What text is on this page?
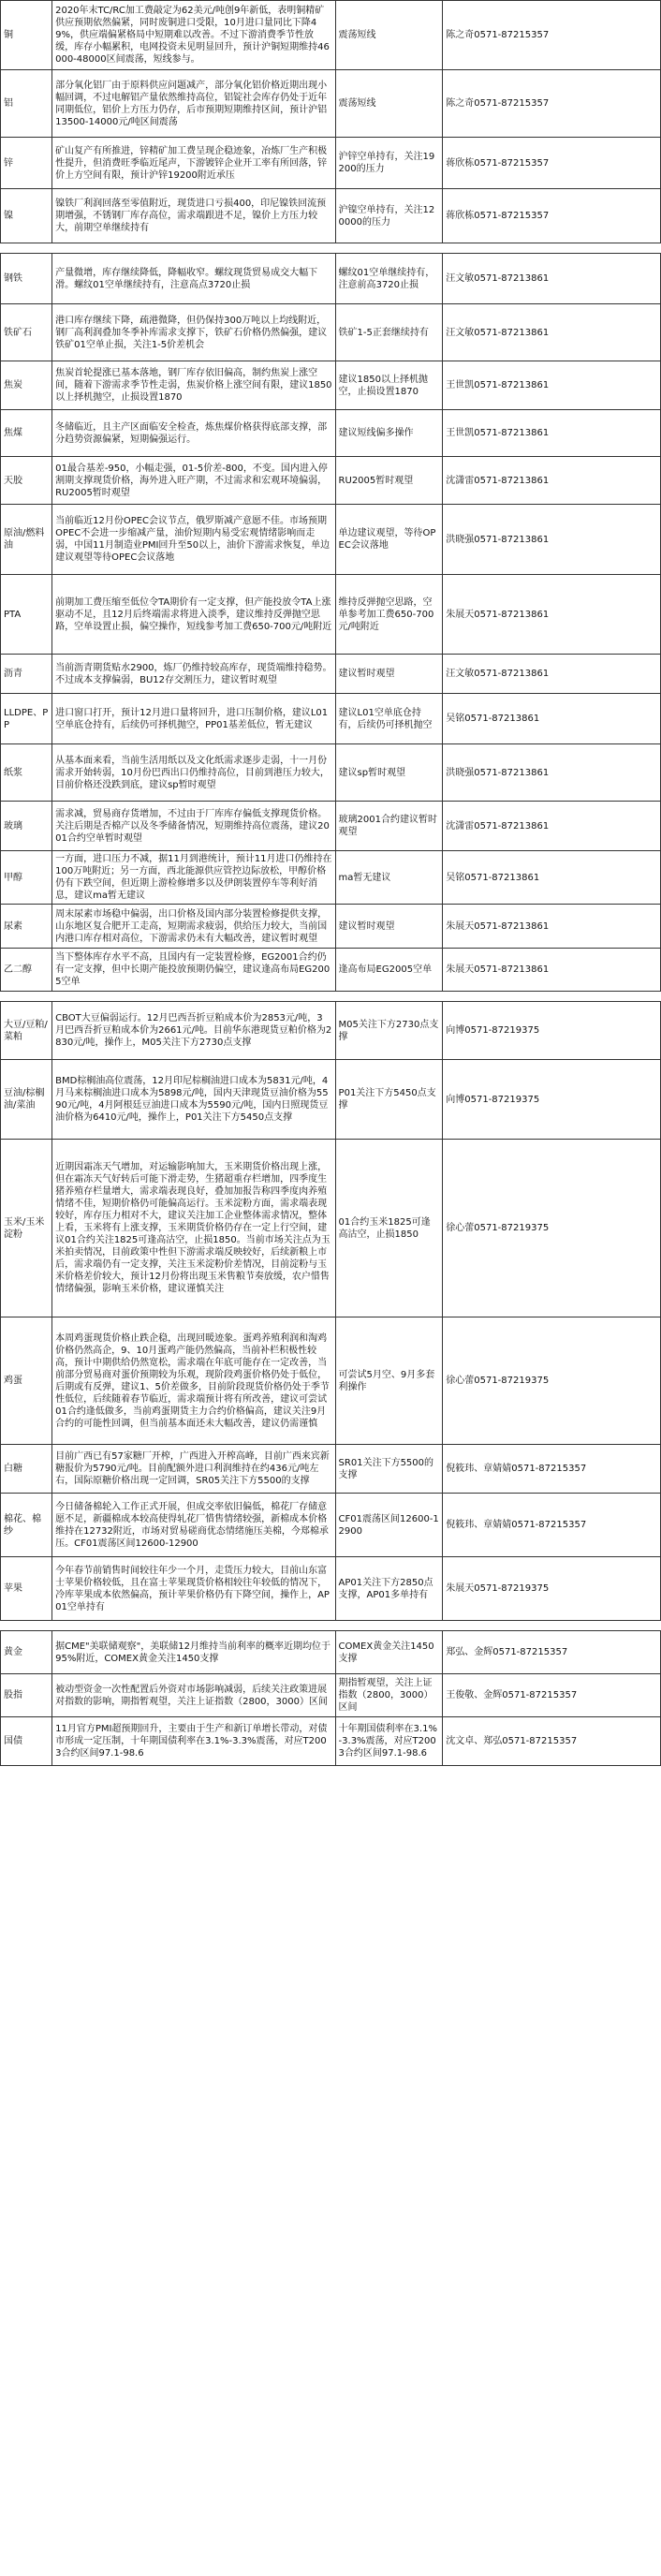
铜	2020年末TC/RC加工费敲定为62美元/吨创9年新低，表明铜精矿供应预期依然偏紧，同时废铜进口受限，10月进口量同比下降49%，供应端偏紧格局中短期难以改善。不过下游消费季节性放缓，库存小幅累积，电网投资未见明显回升，预计沪铜短期维持46000-48000区间震荡，短线参与。	震荡短线	陈之奇0571-87215357
铝	部分氧化铝厂由于原料供应问题减产，部分氧化铝价格近期出现小幅回调，不过电解铝产量依然维持高位，铝锭社会库存仍处于近年同期低位，铝价上方压力仍存，后市预期短期维持区间，预计沪铝13500-14000元/吨区间震荡	震荡短线	陈之奇0571-87215357
锌	矿山复产有所推进，锌精矿加工费呈现企稳迹象，冶炼厂生产积极性提升，但消费旺季临近尾声，下游镀锌企业开工率有所回落，锌价上方空间有限，预计沪锌19200附近承压	沪锌空单持有，关注19200的压力	蒋欣栋0571-87215357
镍	镍铁厂利润回落至零值附近，现货进口亏损400，印尼镍铁回流预期增强，不锈钢厂库存高位，需求端跟进不足，镍价上方压力较大，前期空单继续持有	沪镍空单持有，关注120000的压力	蒋欣栋0571-87215357

钢铁	产量微增，库存继续降低，降幅收窄。螺纹现货贸易成交大幅下滑。螺纹01空单继续持有，注意高点3720止损	螺纹01空单继续持有，注意前高3720止损	汪文敏0571-87213861
铁矿石	港口库存继续下降，疏港微降，但仍保持300万吨以上均线附近，钢厂高利润叠加冬季补库需求支撑下，铁矿石价格仍然偏强，建议铁矿01空单止损，关注1-5价差机会	铁矿1-5正套继续持有	汪文敏0571-87213861
焦炭	焦炭首轮提涨已基本落地，钢厂库存依旧偏高，制约焦炭上涨空间，随着下游需求季节性走弱，焦炭价格上涨空间有限，建议1850以上择机抛空，止损设置1870	建议1850以上择机抛空，止损设置1870	王世凯0571-87213861
焦煤	冬储临近，且主产区面临安全检查，炼焦煤价格获得底部支撑，部分趋势资源偏紧，短期偏强运行。	建议短线偏多操作	王世凯0571-87213861
天胶	01最合基差-950，小幅走强，01-5价差-800，不变。国内进入停割期支撑现货价格，海外进入旺产期，不过需求和宏观环境偏弱，RU2005暂时观望	RU2005暂时观望	沈潇雷0571-87213861
原油/燃料油	当前临近12月份OPEC会议节点，俄罗斯减产意愿不佳。市场预期OPEC不会进一步缩减产量，油价短期内易受宏观情绪影响而走弱，中国11月制造业PMI回升至50以上，油价下游需求恢复，单边建议观望等待OPEC会议落地	单边建议观望，等待OPEC会议落地	洪晓强0571-87213861
PTA	前期加工费压缩至低位令TA期价有一定支撑，但产能投放令TA上涨驱动不足，且12月后终端需求将进入淡季，建议维持反弹抛空思路，空单设置止损，偏空操作，短线参考加工费650-700元/吨附近	维持反弹抛空思路，空单参考加工费650-700元/吨附近	朱展天0571-87213861
沥青	当前沥青期货贴水2900，炼厂仍维持较高库存，现货端维持稳势。不过成本支撑偏弱，BU12存交割压力，建议暂时观望	建议暂时观望	汪文敏0571-87213861
LLDPE、PP	进口窗口打开，预计12月进口量将回升，进口压制价格，建议L01空单底仓持有，后续仍可择机抛空，PP01基差低位，暂无建议	建议L01空单底仓持有，后续仍可择机抛空	吴铭0571-87213861
纸浆	从基本面来看，当前生活用纸以及文化纸需求逐步走弱，十一月份需求开始转弱，10月份巴西出口仍维持高位，目前到港压力较大，目前价格还没跌到底，建议sp暂时观望	建议sp暂时观望	洪晓强0571-87213861
玻璃	需求减，贸易商存货增加，不过由于厂库库存偏低支撑现货价格。关注后期是否棉产以及冬季储备情况，短期维持高位震荡，建议2001合约空单暂时观望	玻璃2001合约建议暂时观望	沈潇雷0571-87213861
甲醇	一方面，进口压力不减，据11月到港统计，预计11月进口仍维持在100万吨附近；另一方面，西北能源供应管控边际放松，甲醇价格仍有下跌空间，但近期上游检修增多以及伊朗装置停车等利好消息，建议ma暂无建议	ma暂无建议	吴铭0571-87213861
尿素	周末尿素市场稳中偏弱，出口价格及国内部分装置检修提供支撑，山东地区复合肥开工走高，短期需求疲弱，供给压力较大，当前国内港口库存相对高位，下游需求仍未有大幅改善，建议暂时观望	建议暂时观望	朱展天0571-87213861
乙二醇	当下整体库存水平不高，且国内有一定装置检修，EG2001合约仍有一定支撑，但中长期产能投放预期仍偏空，建议逢高布局EG2005空单	逢高布局EG2005空单	朱展天0571-87213861

大豆/豆粕/菜粕	CBOT大豆偏弱运行。12月巴西吾折豆粕成本价为2853元/吨，3月巴西吾折豆粕成本价为2661元/吨。目前华东港现货豆粕价格为2830元/吨，操作上，M05关注下方2730点支撑	M05关注下方2730点支撑	向博0571-87219375
豆油/棕榈油/菜油	BMD棕榈油高位震荡，12月印尼棕榈油进口成本为5831元/吨，4月马来棕榈油进口成本为5898元/吨，国内天津现货豆油价格为5590元/吨，4月阿根廷豆油进口成本为5590元/吨，国内日照现货豆油价格为6410元/吨，操作上，P01关注下方5450点支撑	P01关注下方5450点支撑	向博0571-87219375
玉米/玉米淀粉	近期因霜冻天气增加，对运输影响加大，玉米期货价格出现上涨，但在霜冻天气好转后可能下滑走势，生猪超重存栏增加，四季度生猪养殖存栏量增大，需求端表现良好，叠加加报告称四季度肉养殖情绪不佳，短期价格仍可能偏高运行。玉米淀粉方面，需求端表现较好，库存压力相对不大，建议关注加工企业整体需求情况，整体上看，玉米将有上涨支撑，玉米期货价格仍存在一定上行空间，建议01合约关注1825可逢高沽空，止损1850。当前市场关注点为玉米拍卖情况，目前政策中性但下游需求端反映较好，后续新粮上市后，需求端仍有一定支撑，关注玉米淀粉价差情况，目前淀粉与玉米价格差价较大，预计12月份将出现玉米售粮节奏放缓，农户惜售情绪偏强，影响玉米价格，建议谨慎关注	01合约玉米1825可逢高沽空，止损1850	徐心蕾0571-87219375
鸡蛋	本周鸡蛋现货价格止跌企稳，出现回暖迹象。蛋鸡养殖利润和淘鸡价格仍然高企，9、10月蛋鸡产能仍然偏高，当前补栏积极性较高，预计中期供给仍然宽松，需求端在年底可能存在一定改善，当前部分贸易商对蛋价预期较为乐观，现阶段鸡蛋价格仍处于低位，后期或有反弹，建议1、5价差做多，目前阶段现货价格仍处于季节性低位，后续随着春节临近，需求端预计将有所改善，建议可尝试01合约逢低做多，当前鸡蛋期货主力合约价格偏高，建议关注9月合约的可能性回调，但当前基本面还未大幅改善，建议仍需谨慎	可尝试5月空、9月多套利操作	徐心蕾0571-87219375
白糖	目前广西已有57家糖厂开榨，广西进入开榨高峰，目前广西来宾新糖报价为5790元/吨。目前配额外进口利润维持在约436元/吨左右，国际原糖价格出现一定回调，SR05关注下方5500的支撑	SR01关注下方5500的支撑	倪筱玮、章婧婧0571-87215357
棉花、棉纱	今日储备棉轮入工作正式开展，但成交率依旧偏低，棉花厂存储意愿不足，新疆棉成本较高使得轧花厂惜售情绪较强，新棉成本价格维持在12732附近，市场对贸易磋商优态情绪施压美棉，今郑棉承压。CF01震荡区间12600-12900	CF01震荡区间12600-12900	倪筱玮、章婧婧0571-87215357
苹果	今年春节前销售时间较往年少一个月，走货压力较大，目前山东富士苹果价格较低，且在富士苹果现货价格相较往年较低的情况下，冷库苹果成本依然偏高，预计苹果价格仍有下降空间，操作上，AP01空单持有	AP01关注下方2850点支撑，AP01多单持有	朱展天0571-87219375

黄金	据CME"美联储观察"，美联储12月维持当前利率的概率近期均位于95%附近，COMEX黄金关注1450支撑	COMEX黄金关注1450支撑	郑弘、金辉0571-87215357
股指	被动型资金一次性配置后外资对市场影响减弱，后续关注政策进展对指数的影响，期指暂观望，关注上证指数（2800，3000）区间	期指暂观望，关注上证指数（2800，3000）区间	王俊敬、金辉0571-87215357
国债	11月官方PMI超预期回升，主要由于生产和新订单增长带动，对债市形成一定压制，十年期国债利率在3.1%-3.3%震荡，对应T2003合约区间97.1-98.6	十年期国债利率在3.1%-3.3%震荡，对应T2003合约区间97.1-98.6	沈文卓、郑弘0571-87215357
